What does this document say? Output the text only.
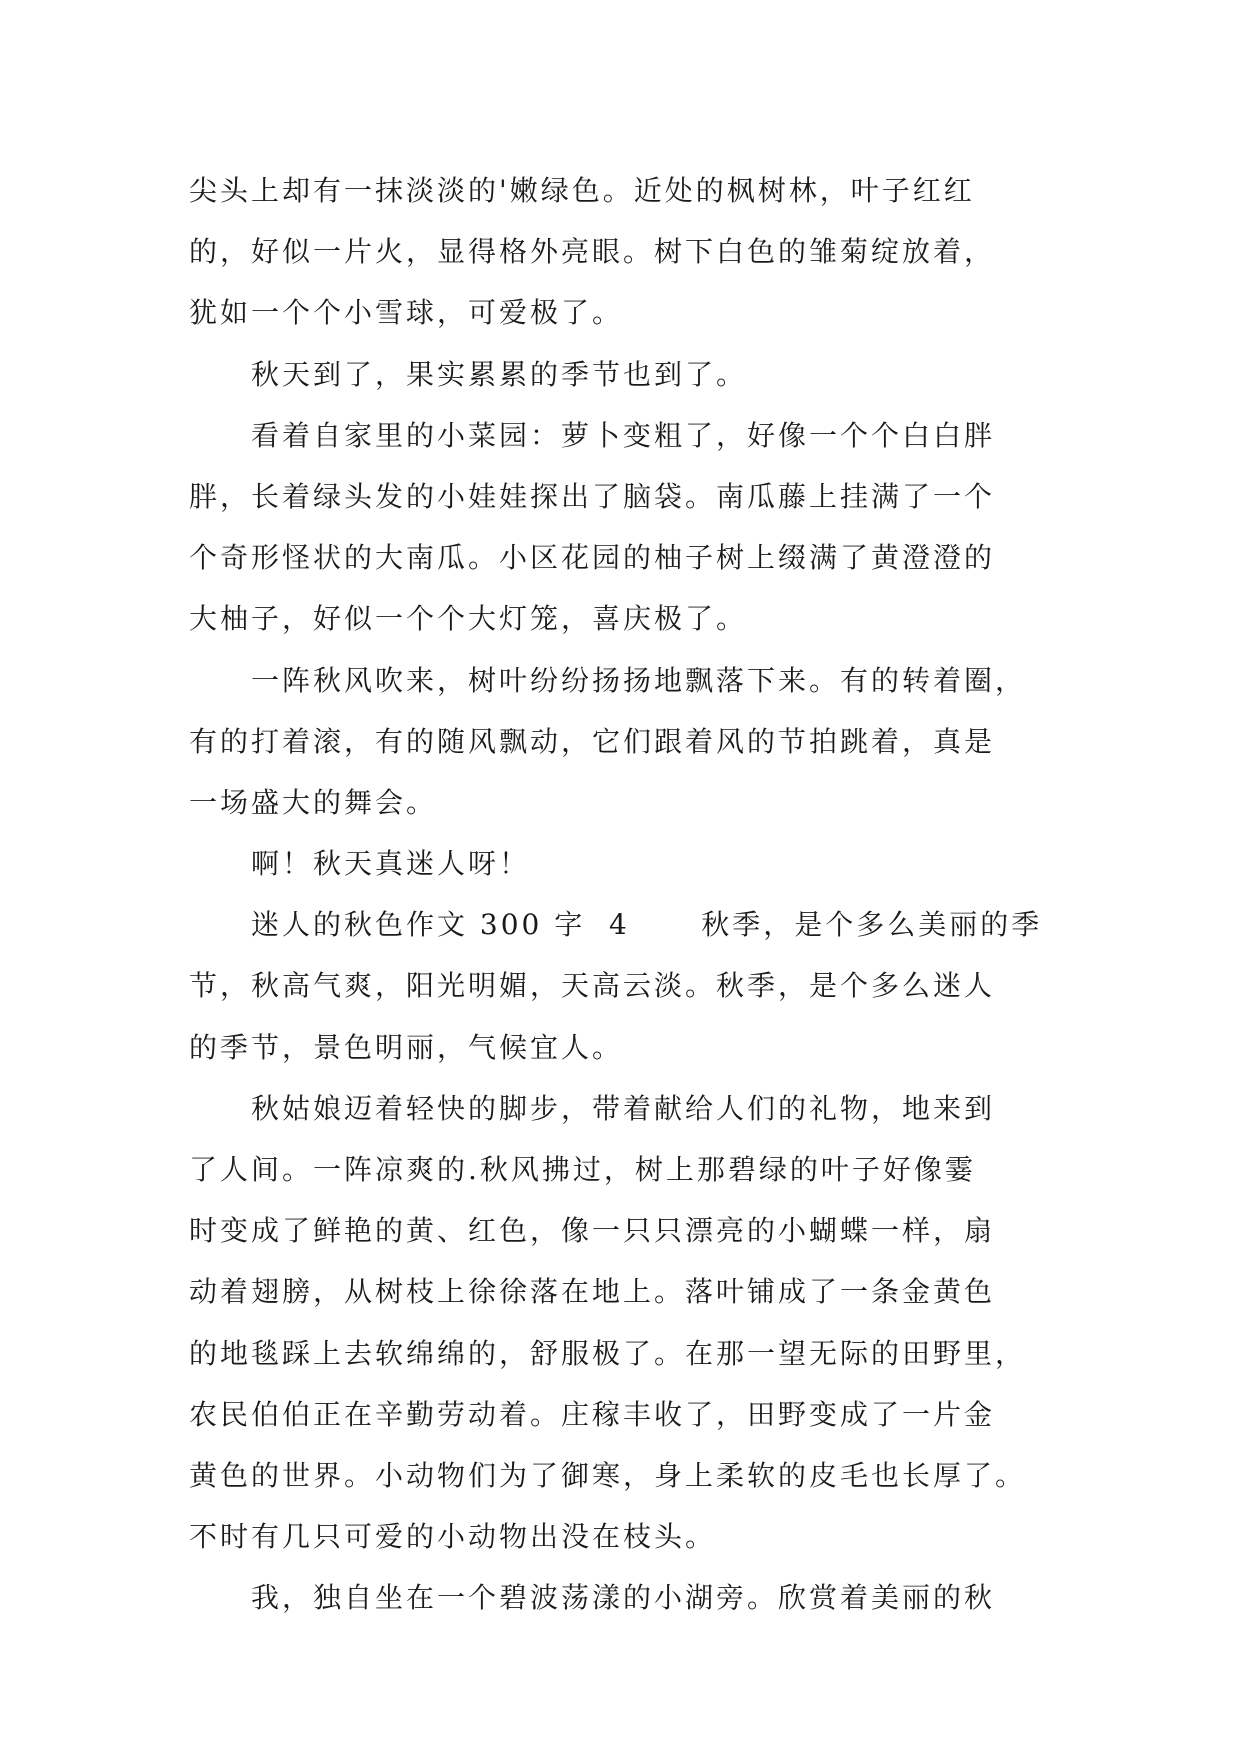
尖头上却有一抹淡淡的'嫩绿色。近处的枫树林，叶子红红
的，好似一片火，显得格外亮眼。树下白色的雏菊绽放着，
犹如一个个小雪球，可爱极了。
秋天到了，果实累累的季节也到了。
看着自家里的小菜园：萝卜变粗了，好像一个个白白胖
胖，长着绿头发的小娃娃探出了脑袋。南瓜藤上挂满了一个
个奇形怪状的大南瓜。小区花园的柚子树上缀满了黄澄澄的
大柚子，好似一个个大灯笼，喜庆极了。
一阵秋风吹来，树叶纷纷扬扬地飘落下来。有的转着圈，
有的打着滚，有的随风飘动，它们跟着风的节拍跳着，真是
一场盛大的舞会。
啊！秋天真迷人呀！
迷人的秋色作文 300 字  4      秋季，是个多么美丽的季
节，秋高气爽，阳光明媚，天高云淡。秋季，是个多么迷人
的季节，景色明丽，气候宜人。
秋姑娘迈着轻快的脚步，带着献给人们的礼物，地来到
了人间。一阵凉爽的.秋风拂过，树上那碧绿的叶子好像霎
时变成了鲜艳的黄、红色，像一只只漂亮的小蝴蝶一样，扇
动着翅膀，从树枝上徐徐落在地上。落叶铺成了一条金黄色
的地毯踩上去软绵绵的，舒服极了。在那一望无际的田野里，
农民伯伯正在辛勤劳动着。庄稼丰收了，田野变成了一片金
黄色的世界。小动物们为了御寒，身上柔软的皮毛也长厚了。
不时有几只可爱的小动物出没在枝头。
我，独自坐在一个碧波荡漾的小湖旁。欣赏着美丽的秋
